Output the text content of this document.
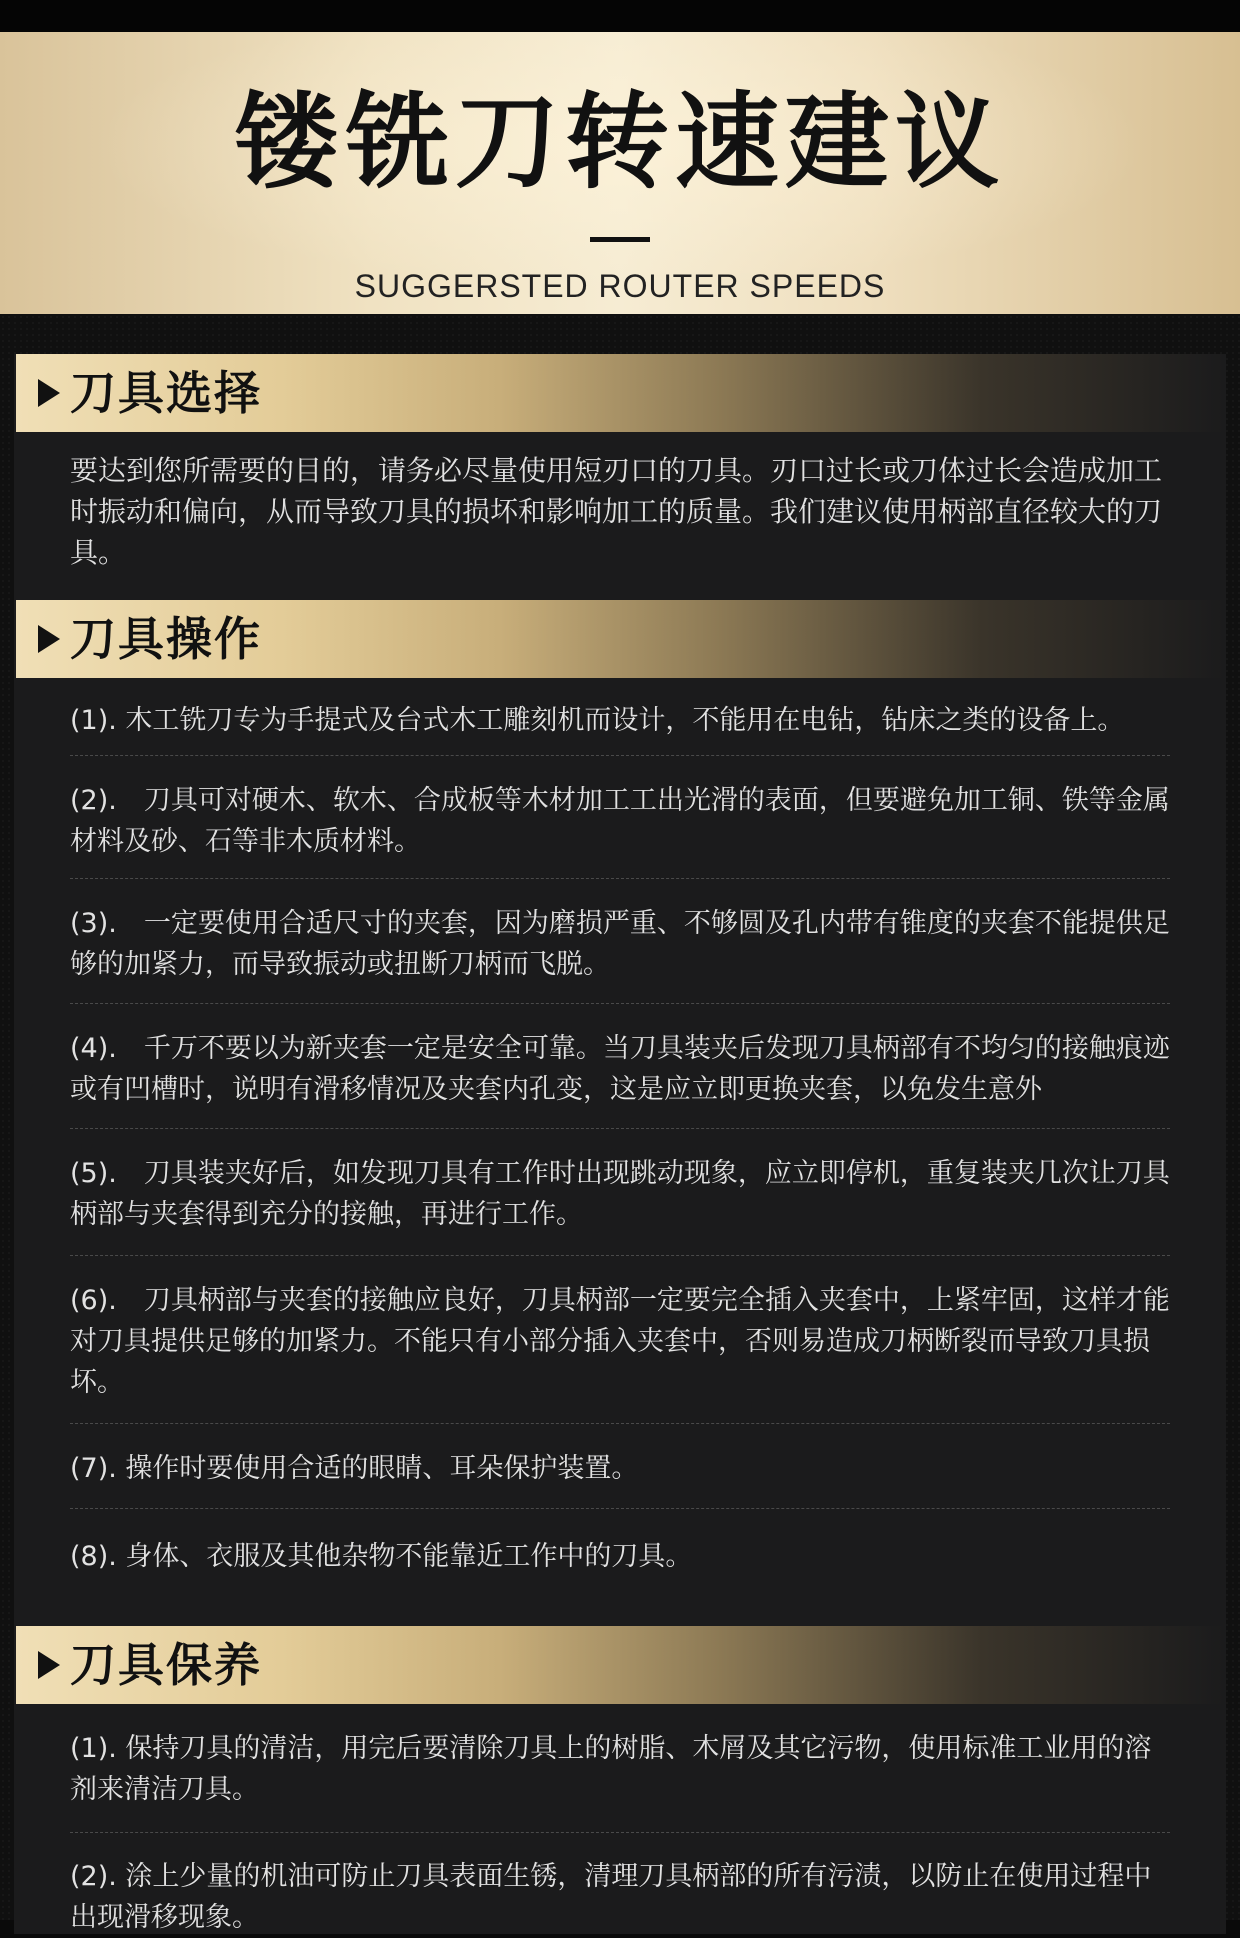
镂铣刀转速建议
SUGGERSTED ROUTER SPEEDS
刀具选择

要达到您所需要的目的，请务必尽量使用短刃口的刀具。刃口过长或刀体过长会造成加工时振动和偏向，从而导致刀具的损坏和影响加工的质量。我们建议使用柄部直径较大的刀具。

刀具操作
(1). 木工铣刀专为手提式及台式木工雕刻机而设计，不能用在电钻，钻床之类的设备上。
(2).　刀具可对硬木、软木、合成板等木材加工工出光滑的表面，但要避免加工铜、铁等金属材料及砂、石等非木质材料。
(3).　一定要使用合适尺寸的夹套，因为磨损严重、不够圆及孔内带有锥度的夹套不能提供足够的加紧力，而导致振动或扭断刀柄而飞脱。
(4).　千万不要以为新夹套一定是安全可靠。当刀具装夹后发现刀具柄部有不均匀的接触痕迹或有凹槽时，说明有滑移情况及夹套内孔变，这是应立即更换夹套，以免发生意外
(5).　刀具装夹好后，如发现刀具有工作时出现跳动现象，应立即停机，重复装夹几次让刀具柄部与夹套得到充分的接触，再进行工作。
(6).　刀具柄部与夹套的接触应良好，刀具柄部一定要完全插入夹套中，上紧牢固，这样才能对刀具提供足够的加紧力。不能只有小部分插入夹套中，否则易造成刀柄断裂而导致刀具损坏。
(7). 操作时要使用合适的眼睛、耳朵保护装置。
(8). 身体、衣服及其他杂物不能靠近工作中的刀具。
刀具保养
(1). 保持刀具的清洁，用完后要清除刀具上的树脂、木屑及其它污物，使用标准工业用的溶剂来清洁刀具。
(2). 涂上少量的机油可防止刀具表面生锈，清理刀具柄部的所有污渍，以防止在使用过程中出现滑移现象。
